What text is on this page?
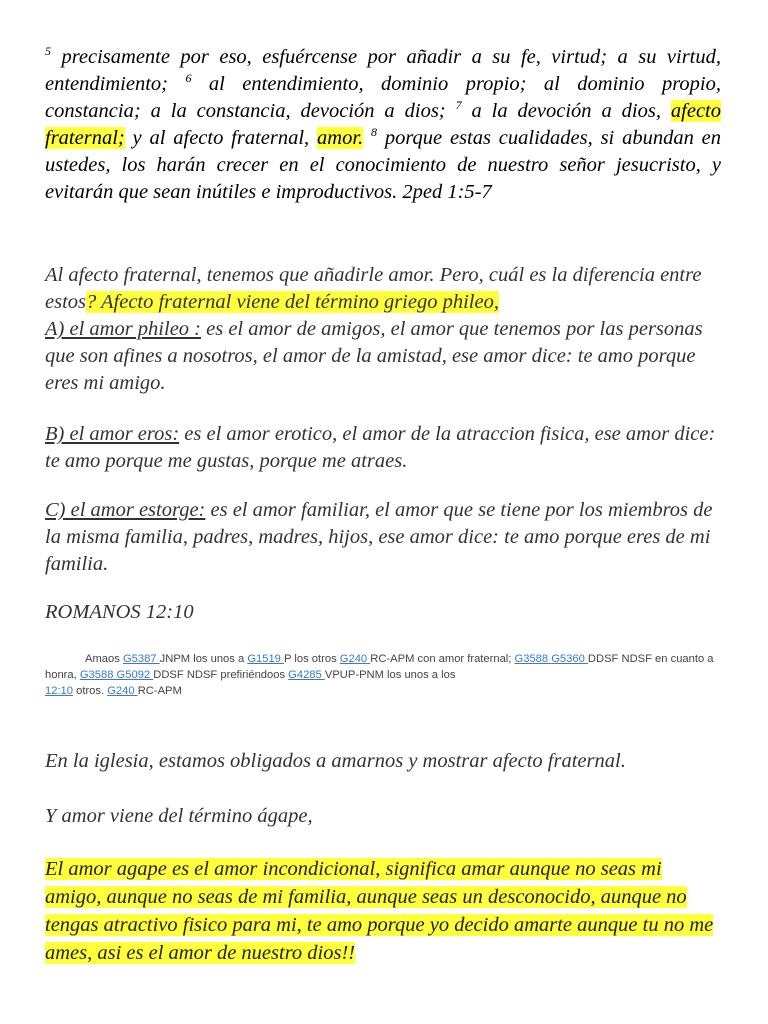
$^5$ precisamente por eso, esfuércense por añadir a su fe, virtud; a su virtud, entendimiento; $^6$ al entendimiento, dominio propio; al dominio propio, constancia; a la constancia, devoción a dios; $^7$ a la devoción a dios, afecto fraternal; y al afecto fraternal, amor. $^8$ porque estas cualidades, si abundan en ustedes, los harán crecer en el conocimiento de nuestro señor jesucristo, y evitarán que sean inútiles e improductivos. 2ped 1:5-7
Al afecto fraternal, tenemos que añadirle amor. Pero, cuál es la diferencia entre estos? Afecto fraternal viene del término griego phileo,
A) el amor phileo : es el amor de amigos, el amor que tenemos por las personas que son afines a nosotros, el amor de la amistad, ese amor dice: te amo porque eres mi amigo.
B) el amor eros: es el amor erotico, el amor de la atraccion fisica, ese amor dice: te amo porque me gustas, porque me atraes.
C) el amor estorge: es el amor familiar, el amor que se tiene por los miembros de la misma familia, padres, madres, hijos, ese amor dice: te amo porque eres de mi familia.
ROMANOS 12:10
Amaos G5387 JNPM los unos a G1519 P los otros G240 RC-APM con amor fraternal; G3588 G5360 DDSF NDSF en cuanto a honra, G3588 G5092 DDSF NDSF prefiriéndoos G4285 VPUP-PNM los unos a los
12:10 otros. G240 RC-APM
En la iglesia, estamos obligados a amarnos y mostrar afecto fraternal.
Y amor viene del término ágape,
El amor agape es el amor incondicional, significa amar aunque no seas mi amigo, aunque no seas de mi familia, aunque seas un desconocido, aunque no tengas atractivo fisico para mi, te amo porque yo decido amarte aunque tu no me ames, asi es el amor de nuestro dios!!
